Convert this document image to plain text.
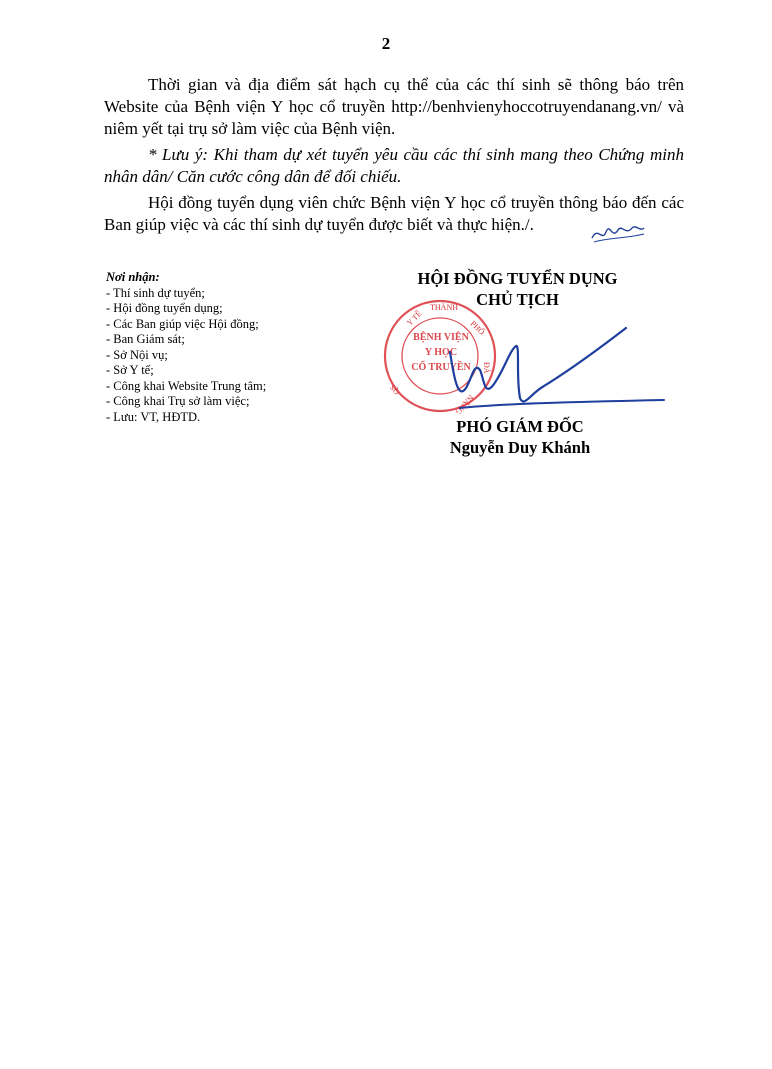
2

Thời gian và địa điểm sát hạch cụ thể của các thí sinh sẽ thông báo trên Website của Bệnh viện Y học cổ truyền http://benhvienyhoccotruyendanang.vn/ và niêm yết tại trụ sở làm việc của Bệnh viện.

* Lưu ý: Khi tham dự xét tuyển yêu cầu các thí sinh mang theo Chứng minh nhân dân/ Căn cước công dân để đối chiếu.

Hội đồng tuyển dụng viên chức Bệnh viện Y học cổ truyền thông báo đến các Ban giúp việc và các thí sinh dự tuyển được biết và thực hiện./.

Nơi nhận:
- Thí sinh dự tuyển;
- Hội đồng tuyển dụng;
- Các Ban giúp việc Hội đồng;
- Ban Giám sát;
- Sở Nội vụ;
- Sở Y tế;
- Công khai Website Trung tâm;
- Công khai Trụ sở làm việc;
- Lưu: VT, HĐTD.
Y TẾ
THÀNH
PHỐ
ĐÀ
NẴNG
QS
BỆNH VIỆN
Y HỌC
CỔ TRUYỀN
HỘI ĐỒNG TUYỂN DỤNG
CHỦ TỊCH
PHÓ GIÁM ĐỐC
Nguyễn Duy Khánh
